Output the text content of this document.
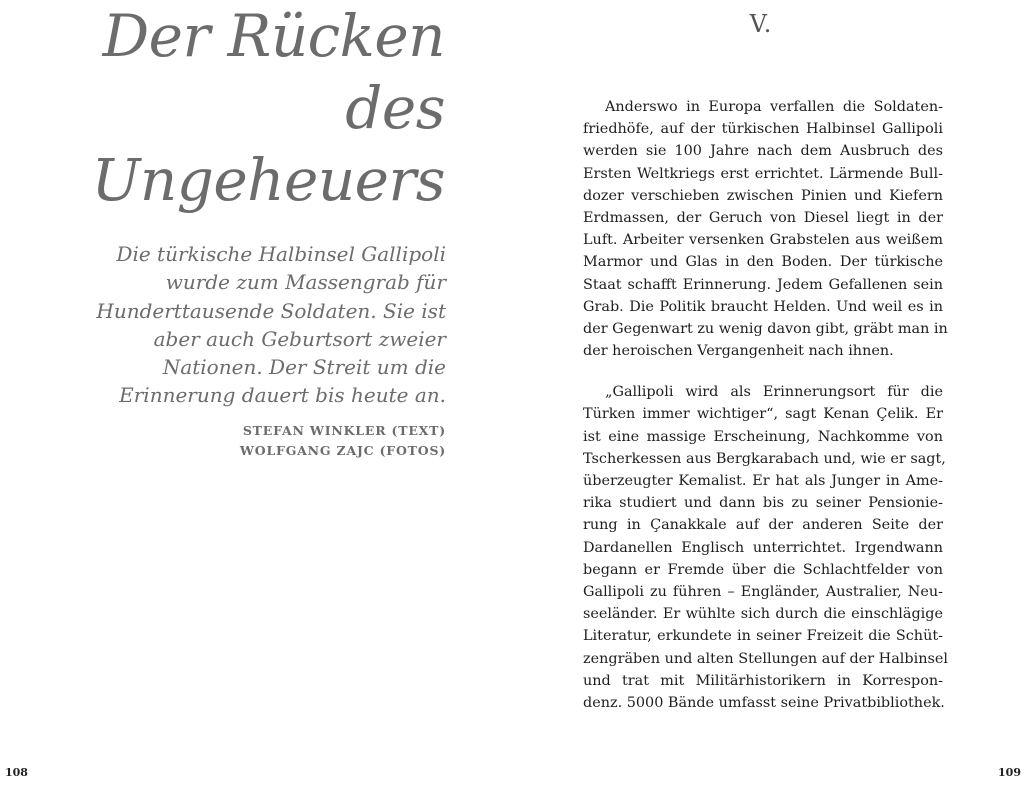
Der Rücken
des
Ungeheuers

Die türkische Halbinsel Gallipoli
wurde zum Massengrab für
Hunderttausende Soldaten. Sie ist
aber auch Geburtsort zweier
Nationen. Der Streit um die
Erinnerung dauert bis heute an.

STEFAN WINKLER (TEXT)
WOLFGANG ZAJC (FOTOS)
108
V.

Anderswo in Europa verfallen die Soldaten-
friedhöfe, auf der türkischen Halbinsel Gallipoli
werden sie 100 Jahre nach dem Ausbruch des
Ersten Weltkriegs erst errichtet. Lärmende Bull-
dozer verschieben zwischen Pinien und Kiefern
Erdmassen, der Geruch von Diesel liegt in der
Luft. Arbeiter versenken Grabstelen aus weißem
Marmor und Glas in den Boden. Der türkische
Staat schafft Erinnerung. Jedem Gefallenen sein
Grab. Die Politik braucht Helden. Und weil es in
der Gegenwart zu wenig davon gibt, gräbt man in
der heroischen Vergangenheit nach ihnen.

„Gallipoli wird als Erinnerungsort für die
Türken immer wichtiger“, sagt Kenan Çelik. Er
ist eine massige Erscheinung, Nachkomme von
Tscherkessen aus Bergkarabach und, wie er sagt,
überzeugter Kemalist. Er hat als Junger in Ame-
rika studiert und dann bis zu seiner Pensionie-
rung in Çanakkale auf der anderen Seite der
Dardanellen Englisch unterrichtet. Irgendwann
begann er Fremde über die Schlachtfelder von
Gallipoli zu führen – Engländer, Australier, Neu-
seeländer. Er wühlte sich durch die einschlägige
Literatur, erkundete in seiner Freizeit die Schüt-
zengräben und alten Stellungen auf der Halbinsel
und trat mit Militärhistorikern in Korrespon-
denz. 5000 Bände umfasst seine Privatbibliothek.

109
